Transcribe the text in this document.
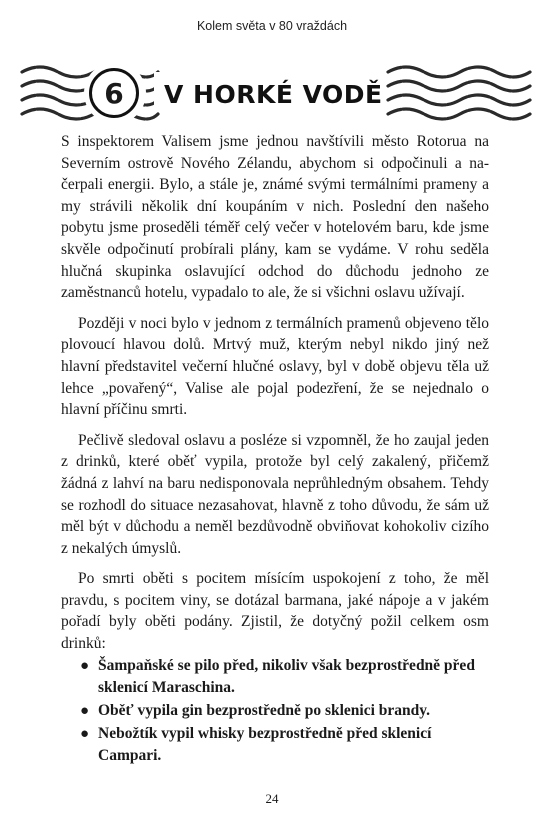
Kolem světa v 80 vraždách
6	V HORKÉ VODĚ

S inspektorem Valisem jsme jednou navštívili město Rotorua na Severním ostrově Nového Zélandu, abychom si odpočinuli a načerpali energii. Bylo, a stále je, známé svými termálními prameny a my strávili několik dní koupáním v nich. Poslední den našeho pobytu jsme proseděli téměř celý večer v hotelovém baru, kde jsme skvěle odpočinutí probírali plány, kam se vydáme. V rohu seděla hlučná skupinka oslavující odchod do důchodu jednoho ze zaměstnanců hotelu, vypadalo to ale, že si všichni oslavu užívají.

Později v noci bylo v jednom z termálních pramenů objeveno tělo plovoucí hlavou dolů. Mrtvý muž, kterým nebyl nikdo jiný než hlavní představitel večerní hlučné oslavy, byl v době objevu těla už lehce „povařený“, Valise ale pojal podezření, že se nejednalo o hlavní příčinu smrti.

Pečlivě sledoval oslavu a posléze si vzpomněl, že ho zaujal jeden z drinků, které oběť vypila, protože byl celý zakalený, přičemž žádná z lahví na baru nedisponovala neprůhledným obsahem. Tehdy se rozhodl do situace nezasahovat, hlavně z toho důvodu, že sám už měl být v důchodu a neměl bezdůvodně obviňovat kohokoliv cizího z nekalých úmyslů.

Po smrti oběti s pocitem mísícím uspokojení z toho, že měl pravdu, s pocitem viny, se dotázal barmana, jaké nápoje a v jakém pořadí byly oběti podány. Zjistil, že dotyčný požil celkem osm drinků:

● Šampaňské se pilo před, nikoliv však bezprostředně před sklenicí Maraschina.
● Oběť vypila gin bezprostředně po sklenici brandy.
● Nebožtík vypil whisky bezprostředně před sklenicí Campari.
24
